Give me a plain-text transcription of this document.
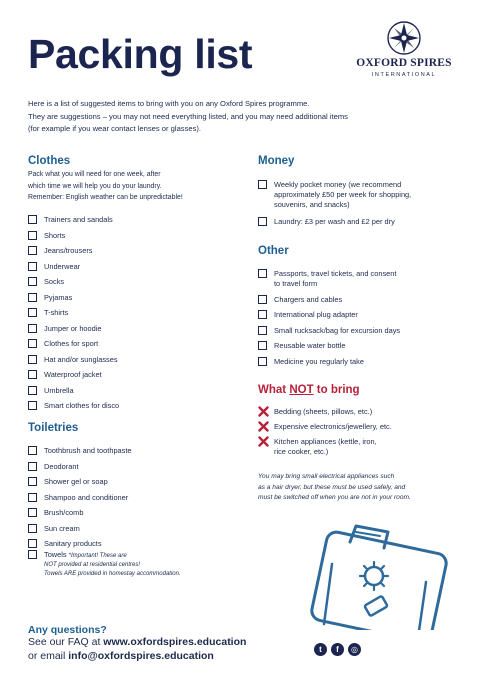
Packing list	OXFORD SPIRES
INTERNATIONAL
Here is a list of suggested items to bring with you on any Oxford Spires programme.
They are suggestions – you may not need everything listed, and you may need additional items
(for example if you wear contact lenses or glasses).
Clothes
Pack what you will need for one week, after
which time we will help you do your laundry.
Remember: English weather can be unpredictable!
Trainers and sandals
Shorts
Jeans/trousers
Underwear
Socks
Pyjamas
T-shirts
Jumper or hoodie
Clothes for sport
Hat and/or sunglasses
Waterproof jacket
Umbrella
Smart clothes for disco
Toiletries
Toothbrush and toothpaste
Deodorant
Shower gel or soap
Shampoo and conditioner
Brush/comb
Sun cream
Sanitary products
Towels *Important! These are
NOT provided at residential centres!
Towels ARE provided in homestay accommodation.
Money
Weekly pocket money (we recommend
approximately £50 per week for shopping,
souvenirs, and snacks)
Laundry: £3 per wash and £2 per dry
Other
Passports, travel tickets, and consent
to travel form
Chargers and cables
International plug adapter
Small rucksack/bag for excursion days
Reusable water bottle
Medicine you regularly take
What NOT to bring
Bedding (sheets, pillows, etc.)
Expensive electronics/jewellery, etc.
Kitchen appliances (kettle, iron,
rice cooker, etc.)
You may bring small electrical appliances such
as a hair dryer, but these must be used safely, and
must be switched off when you are not in your room.
Any questions?
See our FAQ at www.oxfordspires.education
or email info@oxfordspires.education
t	f	◎
